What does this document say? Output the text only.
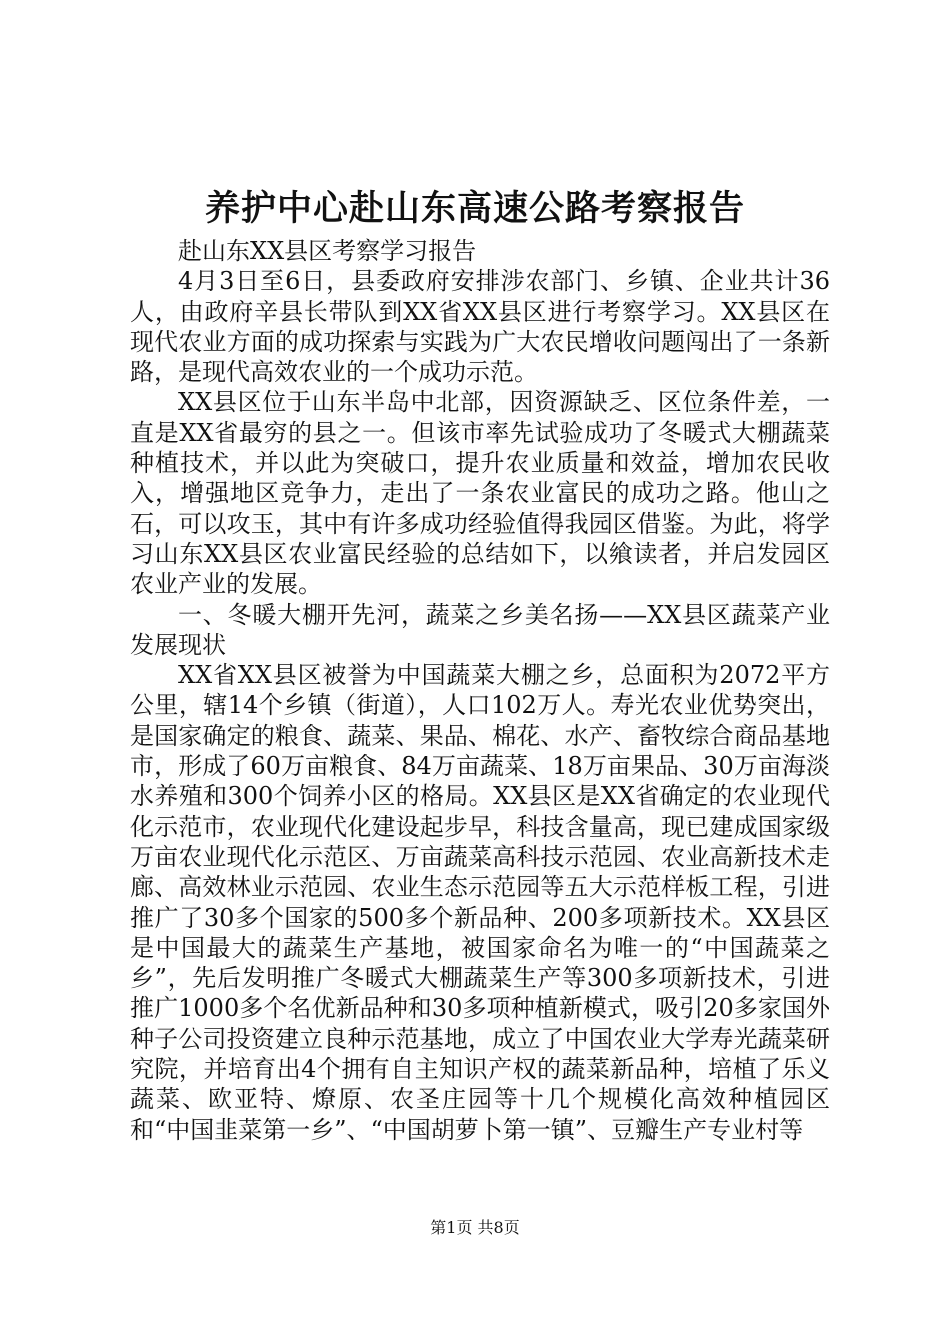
养护中心赴山东高速公路考察报告

赴山东XX县区考察学习报告

4月3日至6日，县委政府安排涉农部门、乡镇、企业共计36人，由政府辛县长带队到XX省XX县区进行考察学习。XX县区在现代农业方面的成功探索与实践为广大农民增收问题闯出了一条新路，是现代高效农业的一个成功示范。

XX县区位于山东半岛中北部，因资源缺乏、区位条件差，一直是XX省最穷的县之一。但该市率先试验成功了冬暖式大棚蔬菜种植技术，并以此为突破口，提升农业质量和效益，增加农民收入，增强地区竞争力，走出了一条农业富民的成功之路。他山之石，可以攻玉，其中有许多成功经验值得我园区借鉴。为此，将学习山东XX县区农业富民经验的总结如下，以飨读者，并启发园区农业产业的发展。

一、冬暖大棚开先河，蔬菜之乡美名扬——XX县区蔬菜产业发展现状

XX省XX县区被誉为中国蔬菜大棚之乡，总面积为2072平方公里，辖14个乡镇（街道），人口102万人。寿光农业优势突出，是国家确定的粮食、蔬菜、果品、棉花、水产、畜牧综合商品基地市，形成了60万亩粮食、84万亩蔬菜、18万亩果品、30万亩海淡水养殖和300个饲养小区的格局。XX县区是XX省确定的农业现代化示范市，农业现代化建设起步早，科技含量高，现已建成国家级万亩农业现代化示范区、万亩蔬菜高科技示范园、农业高新技术走廊、高效林业示范园、农业生态示范园等五大示范样板工程，引进推广了30多个国家的500多个新品种、200多项新技术。XX县区是中国最大的蔬菜生产基地，被国家命名为唯一的“中国蔬菜之乡”，先后发明推广冬暖式大棚蔬菜生产等300多项新技术，引进推广1000多个名优新品种和30多项种植新模式，吸引20多家国外种子公司投资建立良种示范基地，成立了中国农业大学寿光蔬菜研究院，并培育出4个拥有自主知识产权的蔬菜新品种，培植了乐义蔬菜、欧亚特、燎原、农圣庄园等十几个规模化高效种植园区和“中国韭菜第一乡”、“中国胡萝卜第一镇”、豆瓣生产专业村等

第1页 共8页
